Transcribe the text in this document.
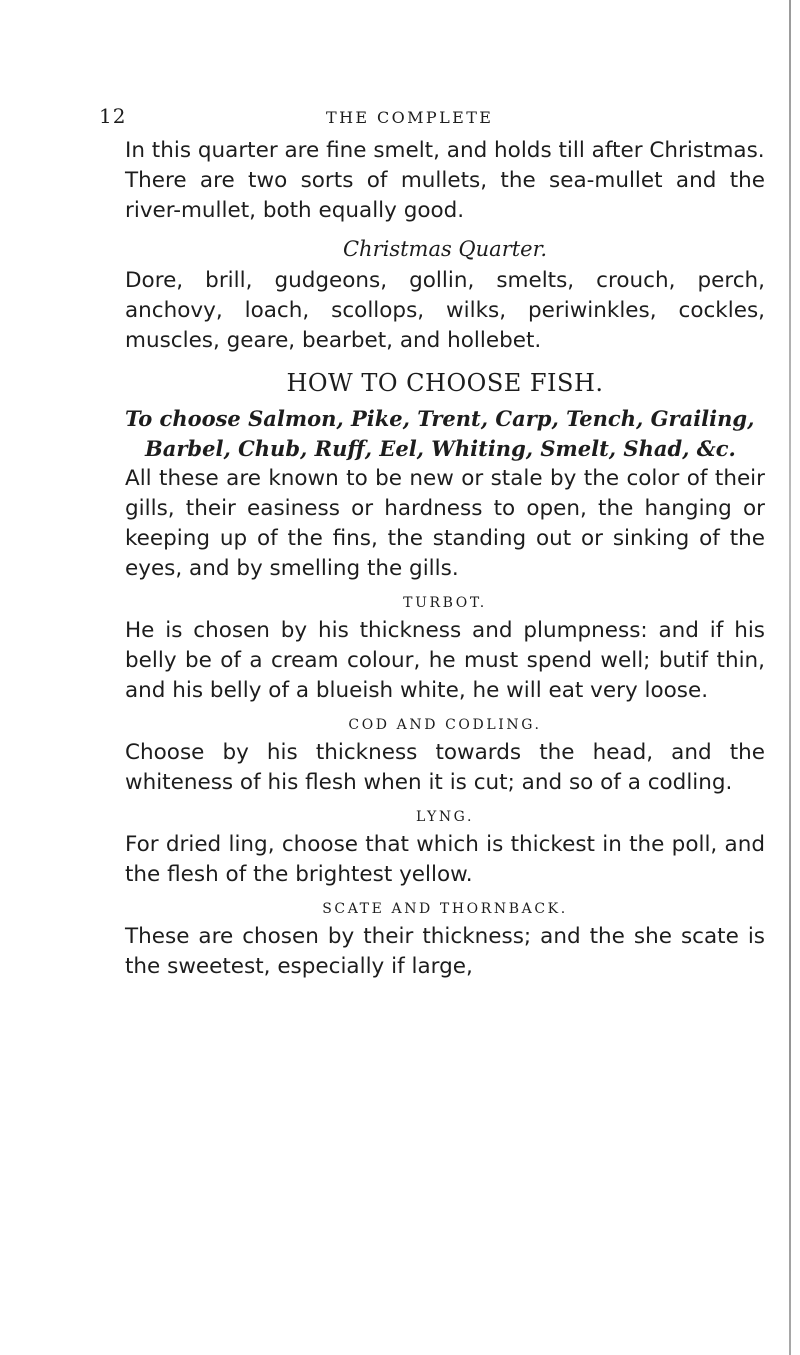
12	THE COMPLETE

In this quarter are fine smelt, and holds till after Christmas.

There are two sorts of mullets, the sea-mullet and the river-mullet, both equally good.

Christmas Quarter.

Dore, brill, gudgeons, gollin, smelts, crouch, perch, anchovy, loach, scollops, wilks, periwinkles, cockles, muscles, geare, bearbet, and hollebet.

HOW TO CHOOSE FISH.

To choose Salmon, Pike, Trent, Carp, Tench, Grailing, Barbel, Chub, Ruff, Eel, Whiting, Smelt, Shad, &c.

All these are known to be new or stale by the color of their gills, their easiness or hardness to open, the hanging or keeping up of the fins, the standing out or sinking of the eyes, and by smelling the gills.

TURBOT.

He is chosen by his thickness and plumpness: and if his belly be of a cream colour, he must spend well; butif thin, and his belly of a blueish white, he will eat very loose.

COD AND CODLING.

Choose by his thickness towards the head, and the whiteness of his flesh when it is cut; and so of a codling.

LYNG.

For dried ling, choose that which is thickest in the poll, and the flesh of the brightest yellow.

SCATE AND THORNBACK.

These are chosen by their thickness; and the she scate is the sweetest, especially if large,
